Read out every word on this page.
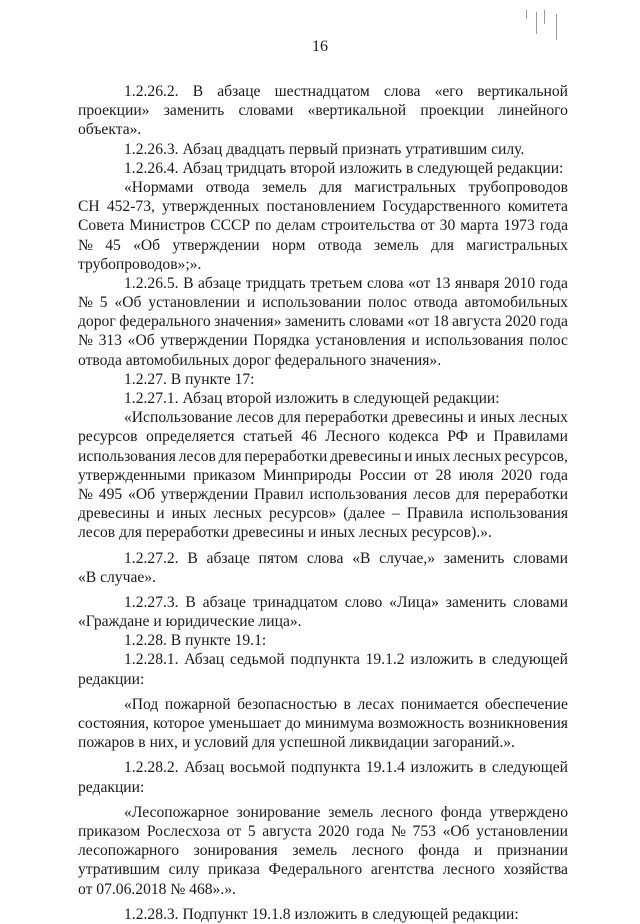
16
1.2.26.2. В абзаце шестнадцатом слова «его вертикальной
проекции» заменить словами «вертикальной проекции линейного
объекта».
1.2.26.3. Абзац двадцать первый признать утратившим силу.
1.2.26.4. Абзац тридцать второй изложить в следующей редакции:
«Нормами отвода земель для магистральных трубопроводов
СН 452-73, утвержденных постановлением Государственного комитета
Совета Министров СССР по делам строительства от 30 марта 1973 года
№ 45 «Об утверждении норм отвода земель для магистральных
трубопроводов»;».
1.2.26.5. В абзаце тридцать третьем слова «от 13 января 2010 года
№ 5 «Об установлении и использовании полос отвода автомобильных
дорог федерального значения» заменить словами «от 18 августа 2020 года
№ 313 «Об утверждении Порядка установления и использования полос
отвода автомобильных дорог федерального значения».
1.2.27. В пункте 17:
1.2.27.1. Абзац второй изложить в следующей редакции:
«Использование лесов для переработки древесины и иных лесных
ресурсов определяется статьей 46 Лесного кодекса РФ и Правилами
использования лесов для переработки древесины и иных лесных ресурсов,
утвержденными приказом Минприроды России от 28 июля 2020 года
№ 495 «Об утверждении Правил использования лесов для переработки
древесины и иных лесных ресурсов» (далее – Правила использования
лесов для переработки древесины и иных лесных ресурсов).».
1.2.27.2. В абзаце пятом слова «В случае,» заменить словами
«В случае».
1.2.27.3. В абзаце тринадцатом слово «Лица» заменить словами
«Граждане и юридические лица».
1.2.28. В пункте 19.1:
1.2.28.1. Абзац седьмой подпункта 19.1.2 изложить в следующей
редакции:
«Под пожарной безопасностью в лесах понимается обеспечение
состояния, которое уменьшает до минимума возможность возникновения
пожаров в них, и условий для успешной ликвидации загораний.».
1.2.28.2. Абзац восьмой подпункта 19.1.4 изложить в следующей
редакции:
«Лесопожарное зонирование земель лесного фонда утверждено
приказом Рослесхоза от 5 августа 2020 года № 753 «Об установлении
лесопожарного зонирования земель лесного фонда и признании
утратившим силу приказа Федерального агентства лесного хозяйства
от 07.06.2018 № 468».».
1.2.28.3. Подпункт 19.1.8 изложить в следующей редакции:
